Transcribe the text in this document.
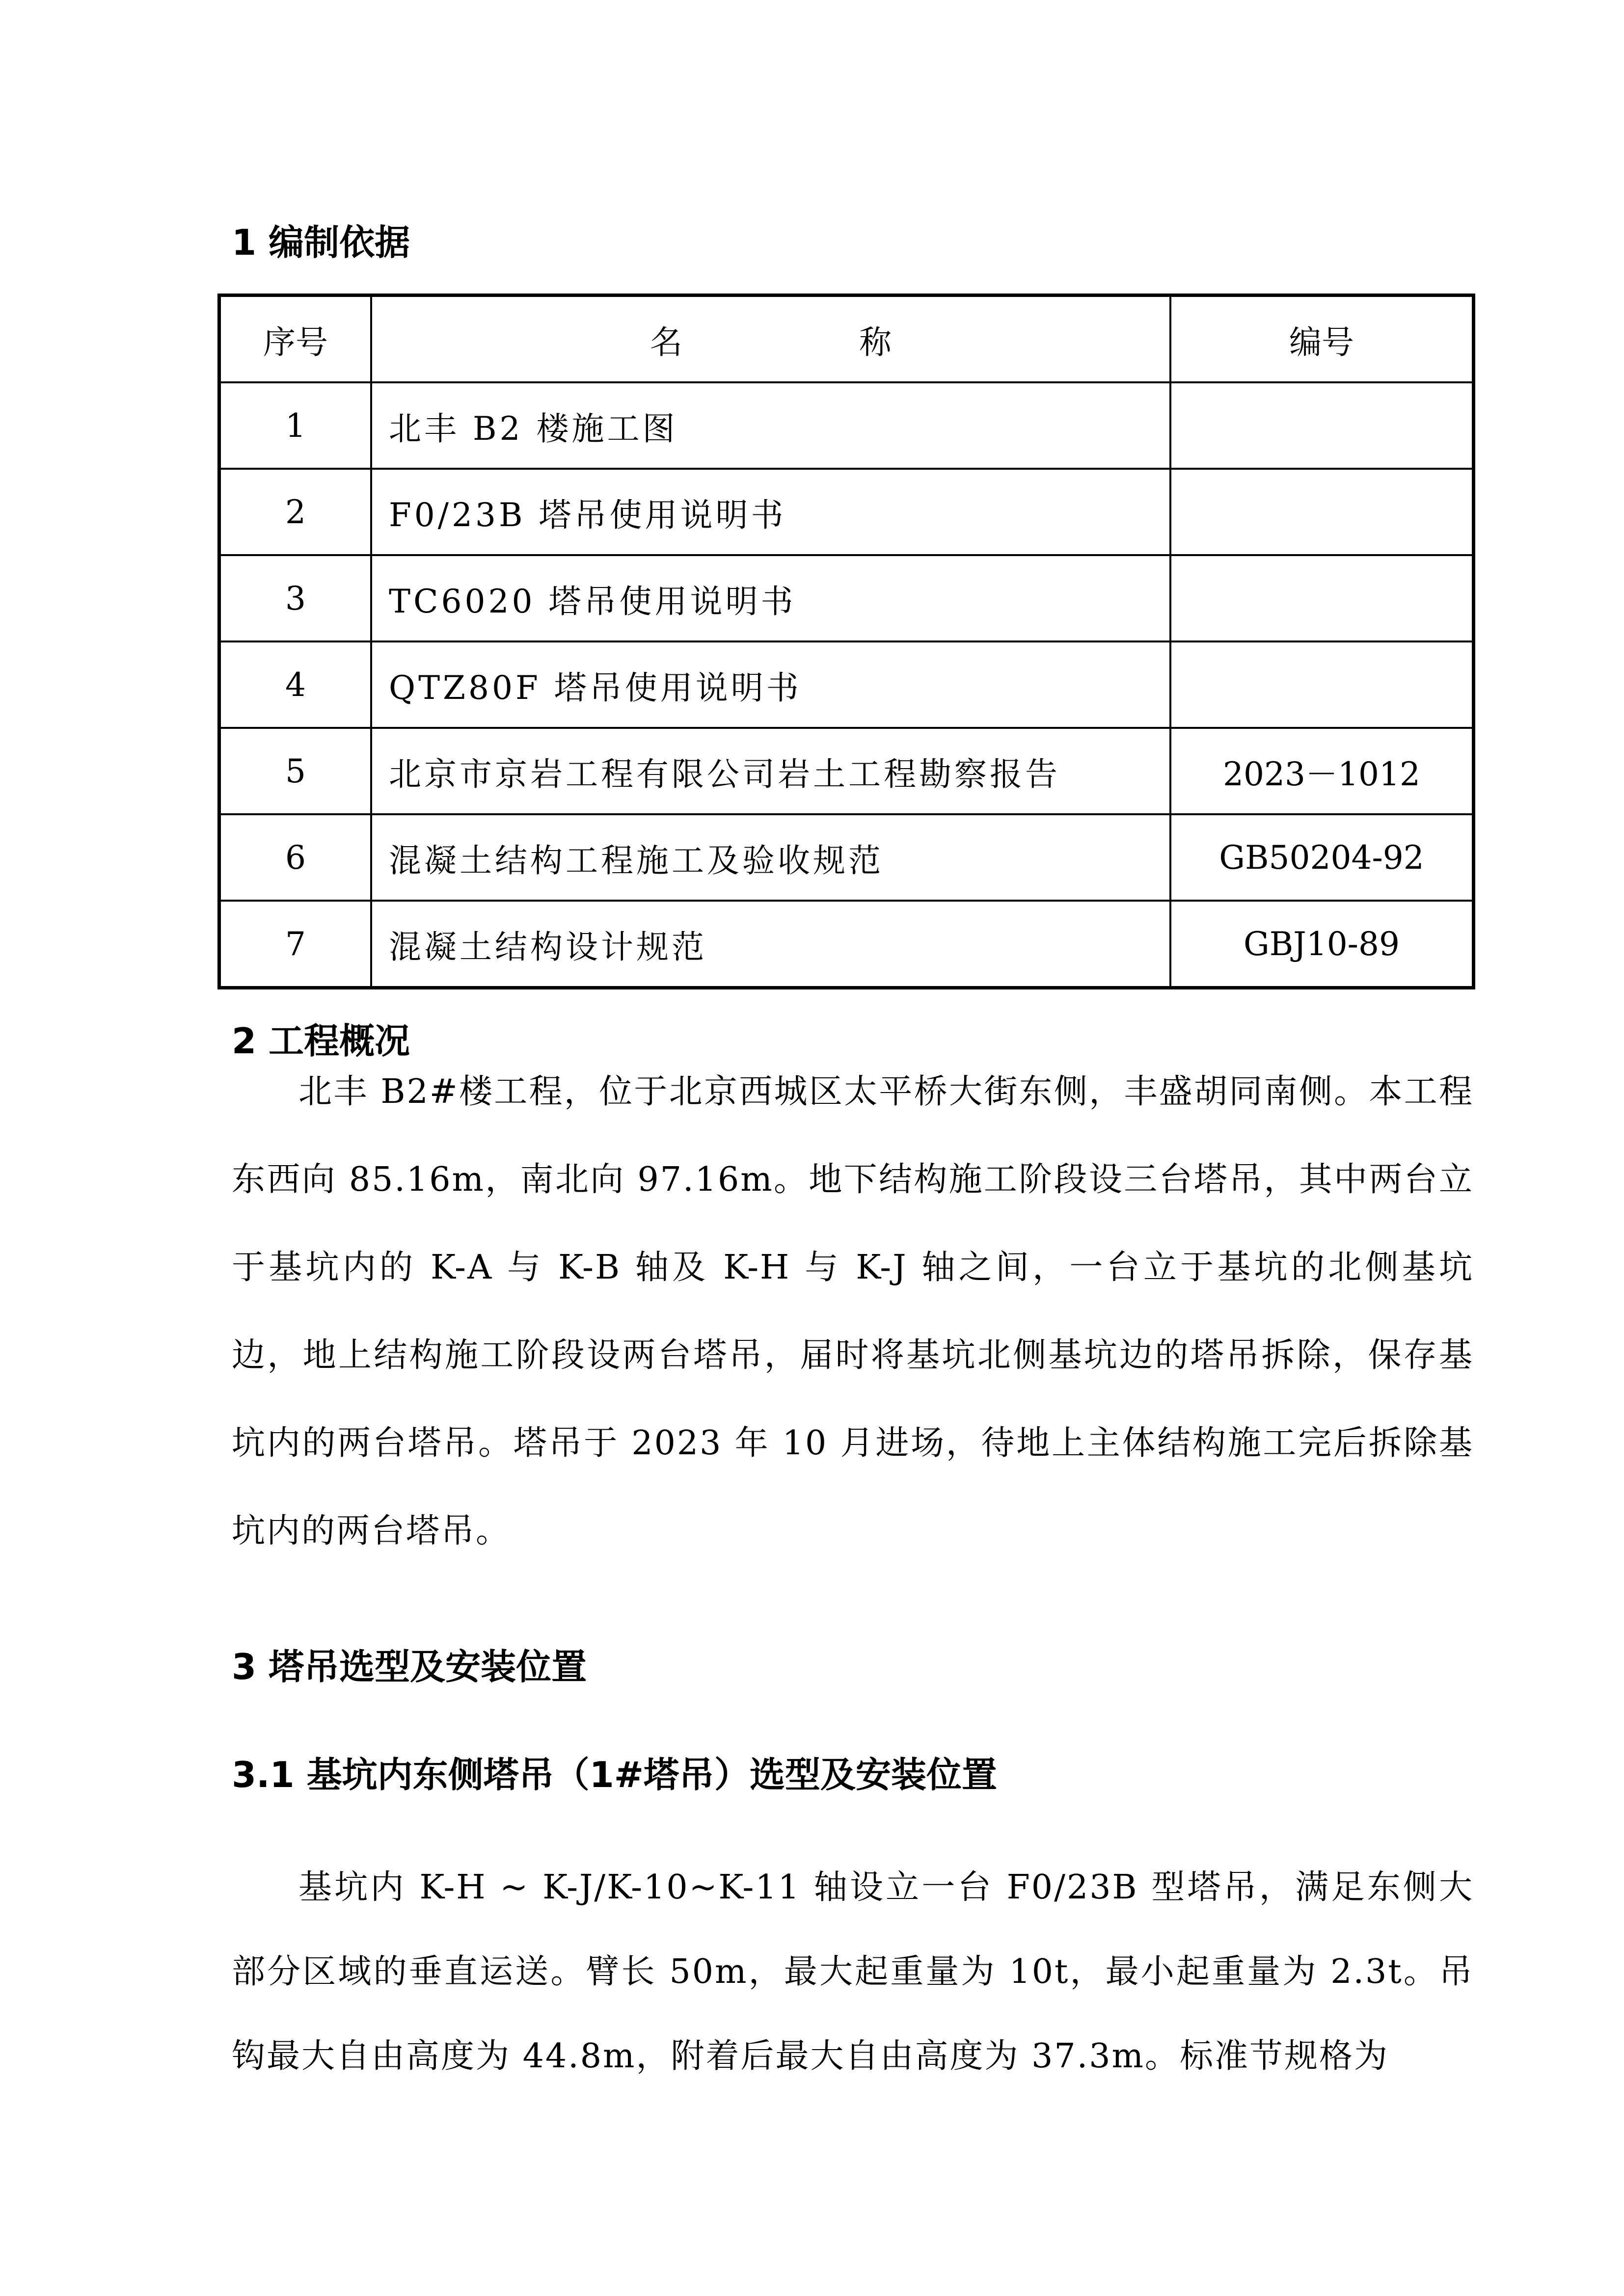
1 编制依据
序号	名称	编号
1	北丰 B2 楼施工图	
2	F0/23B 塔吊使用说明书	
3	TC6020 塔吊使用说明书	
4	QTZ80F 塔吊使用说明书	
5	北京市京岩工程有限公司岩土工程勘察报告	2023－1012
6	混凝土结构工程施工及验收规范	GB50204-92
7	混凝土结构设计规范	GBJ10-89
2 工程概况

北丰 B2#楼工程，位于北京西城区太平桥大街东侧，丰盛胡同南侧。本工程东西向 85.16m，南北向 97.16m。地下结构施工阶段设三台塔吊，其中两台立于基坑内的 K-A 与 K-B 轴及 K-H 与 K-J 轴之间，一台立于基坑的北侧基坑边，地上结构施工阶段设两台塔吊，届时将基坑北侧基坑边的塔吊拆除，保存基坑内的两台塔吊。塔吊于 2023 年 10 月进场，待地上主体结构施工完后拆除基坑内的两台塔吊。

3 塔吊选型及安装位置
3.1 基坑内东侧塔吊（1#塔吊）选型及安装位置

基坑内 K-H ~ K-J/K-10~K-11 轴设立一台 F0/23B 型塔吊，满足东侧大部分区域的垂直运送。臂长 50m，最大起重量为 10t，最小起重量为 2.3t。吊钩最大自由高度为 44.8m，附着后最大自由高度为 37.3m。标准节规格为
